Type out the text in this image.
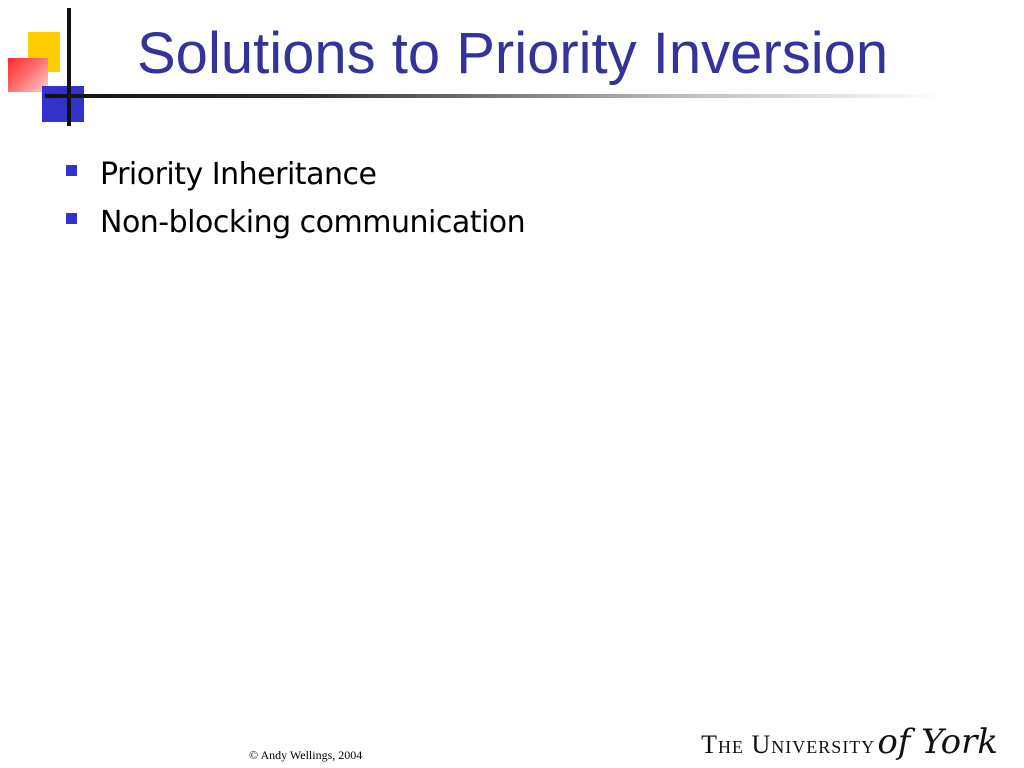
Solutions to Priority Inversion
Priority Inheritance
Non-blocking communication
© Andy Wellings, 2004	The University of York
